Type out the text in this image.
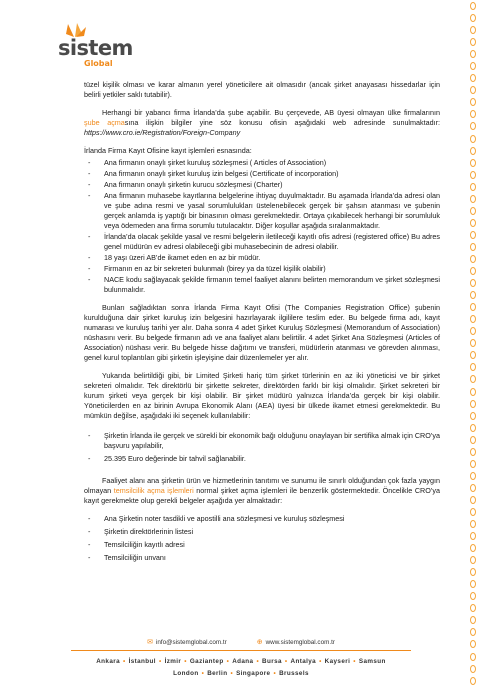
sistem
Global

tüzel kişilik olması ve karar almanın yerel yöneticilere ait olmasıdır (ancak şirket anayasası hissedarlar için belirli yetkiler saklı tutabilir).

Herhangi bir yabancı firma İrlanda’da şube açabilir. Bu çerçevede, AB üyesi olmayan ülke firmalarının şube açmasına ilişkin bilgiler yine söz konusu ofisin aşağıdaki web adresinde sunulmaktadır: https://www.cro.ie/Registration/Foreign-Company

İrlanda Firma Kayıt Ofisine kayıt işlemleri esnasında:

- Ana firmanın onaylı şirket kuruluş sözleşmesi ( Articles of Association)
- Ana firmanın onaylı şirket kuruluş izin belgesi (Certificate of incorporation)
- Ana firmanın onaylı şirketin kurucu sözleşmesi (Charter)
- Ana firmanın muhasebe kayıtlarına belgelerine ihtiyaç duyulmaktadır. Bu aşamada İrlanda’da adresi olan ve şube adına resmi ve yasal sorumlulukları üstelenebilecek gerçek bir şahsın atanması ve şubenin gerçek anlamda iş yaptığı bir binasının olması gerekmektedir. Ortaya çıkabilecek herhangi bir sorumluluk veya ödemeden ana firma sorumlu tutulacaktır. Diğer koşullar aşağıda sıralanmaktadır.
- İrlanda’da olacak şekilde yasal ve resmi belgelerin iletileceği kayıtlı ofis adresi (registered office) Bu adres genel müdürün ev adresi olabileceği gibi muhasebecinin de adresi olabilir.
- 18 yaşı üzeri AB’de ikamet eden en az bir müdür.
- Firmanın en az bir sekreteri bulunmalı (birey ya da tüzel kişilik olabilir)
- NACE kodu sağlayacak şekilde firmanın temel faaliyet alanını belirten memorandum ve şirket sözleşmesi bulunmalıdır.

Bunları sağladıktan sonra İrlanda Firma Kayıt Ofisi (The Companies Registration Office) şubenin kurulduğuna dair şirket kuruluş izin belgesini hazırlayarak ilgililere teslim eder. Bu belgede firma adı, kayıt numarası ve kuruluş tarihi yer alır. Daha sonra 4 adet Şirket Kuruluş Sözleşmesi (Memorandum of Association) nüshasını verir. Bu belgede firmanın adı ve ana faaliyet alanı belirtilir. 4 adet Şirket Ana Sözleşmesi (Articles of Association) nüshası verir. Bu belgede hisse dağıtımı ve transferi, müdürlerin atanması ve görevden alınması, genel kurul toplantıları gibi şirketin işleyişine dair düzenlemeler yer alır.

Yukarıda belirtildiği gibi, bir Limited Şirketi hariç tüm şirket türlerinin en az iki yöneticisi ve bir şirket sekreteri olmalıdır. Tek direktörlü bir şirkette sekreter, direktörden farklı bir kişi olmalıdır. Şirket sekreteri bir kurum şirketi veya gerçek bir kişi olabilir. Bir şirket müdürü yalnızca İrlanda’da gerçek bir kişi olabilir. Yöneticilerden en az birinin Avrupa Ekonomik Alanı (AEA) üyesi bir ülkede ikamet etmesi gerekmektedir. Bu mümkün değilse, aşağıdaki iki seçenek kullanılabilir:

- Şirketin İrlanda ile gerçek ve sürekli bir ekonomik bağı olduğunu onaylayan bir sertifika almak için CRO’ya başvuru yapılabilir,
- 25.395 Euro değerinde bir tahvil sağlanabilir.

Faaliyet alanı ana şirketin ürün ve hizmetlerinin tanıtımı ve sunumu ile sınırlı olduğundan çok fazla yaygın olmayan temsilcilik açma işlemleri normal şirket açma işlemleri ile benzerlik göstermektedir. Öncelikle CRO’ya kayıt gerekmekte olup gerekli belgeler aşağıda yer almaktadır:

- Ana Şirketin noter tasdikli ve apostilli ana sözleşmesi ve kuruluş sözleşmesi
- Şirketin direktörlerinin listesi
- Temsilciliğin kayıtlı adresi
- Temsilciliğin unvanı
✉ info@sistemglobal.com.tr	⊕ www.sistemglobal.com.tr
Ankara • İstanbul • İzmir • Gaziantep • Adana • Bursa • Antalya • Kayseri • Samsun
London • Berlin • Singapore • Brussels
